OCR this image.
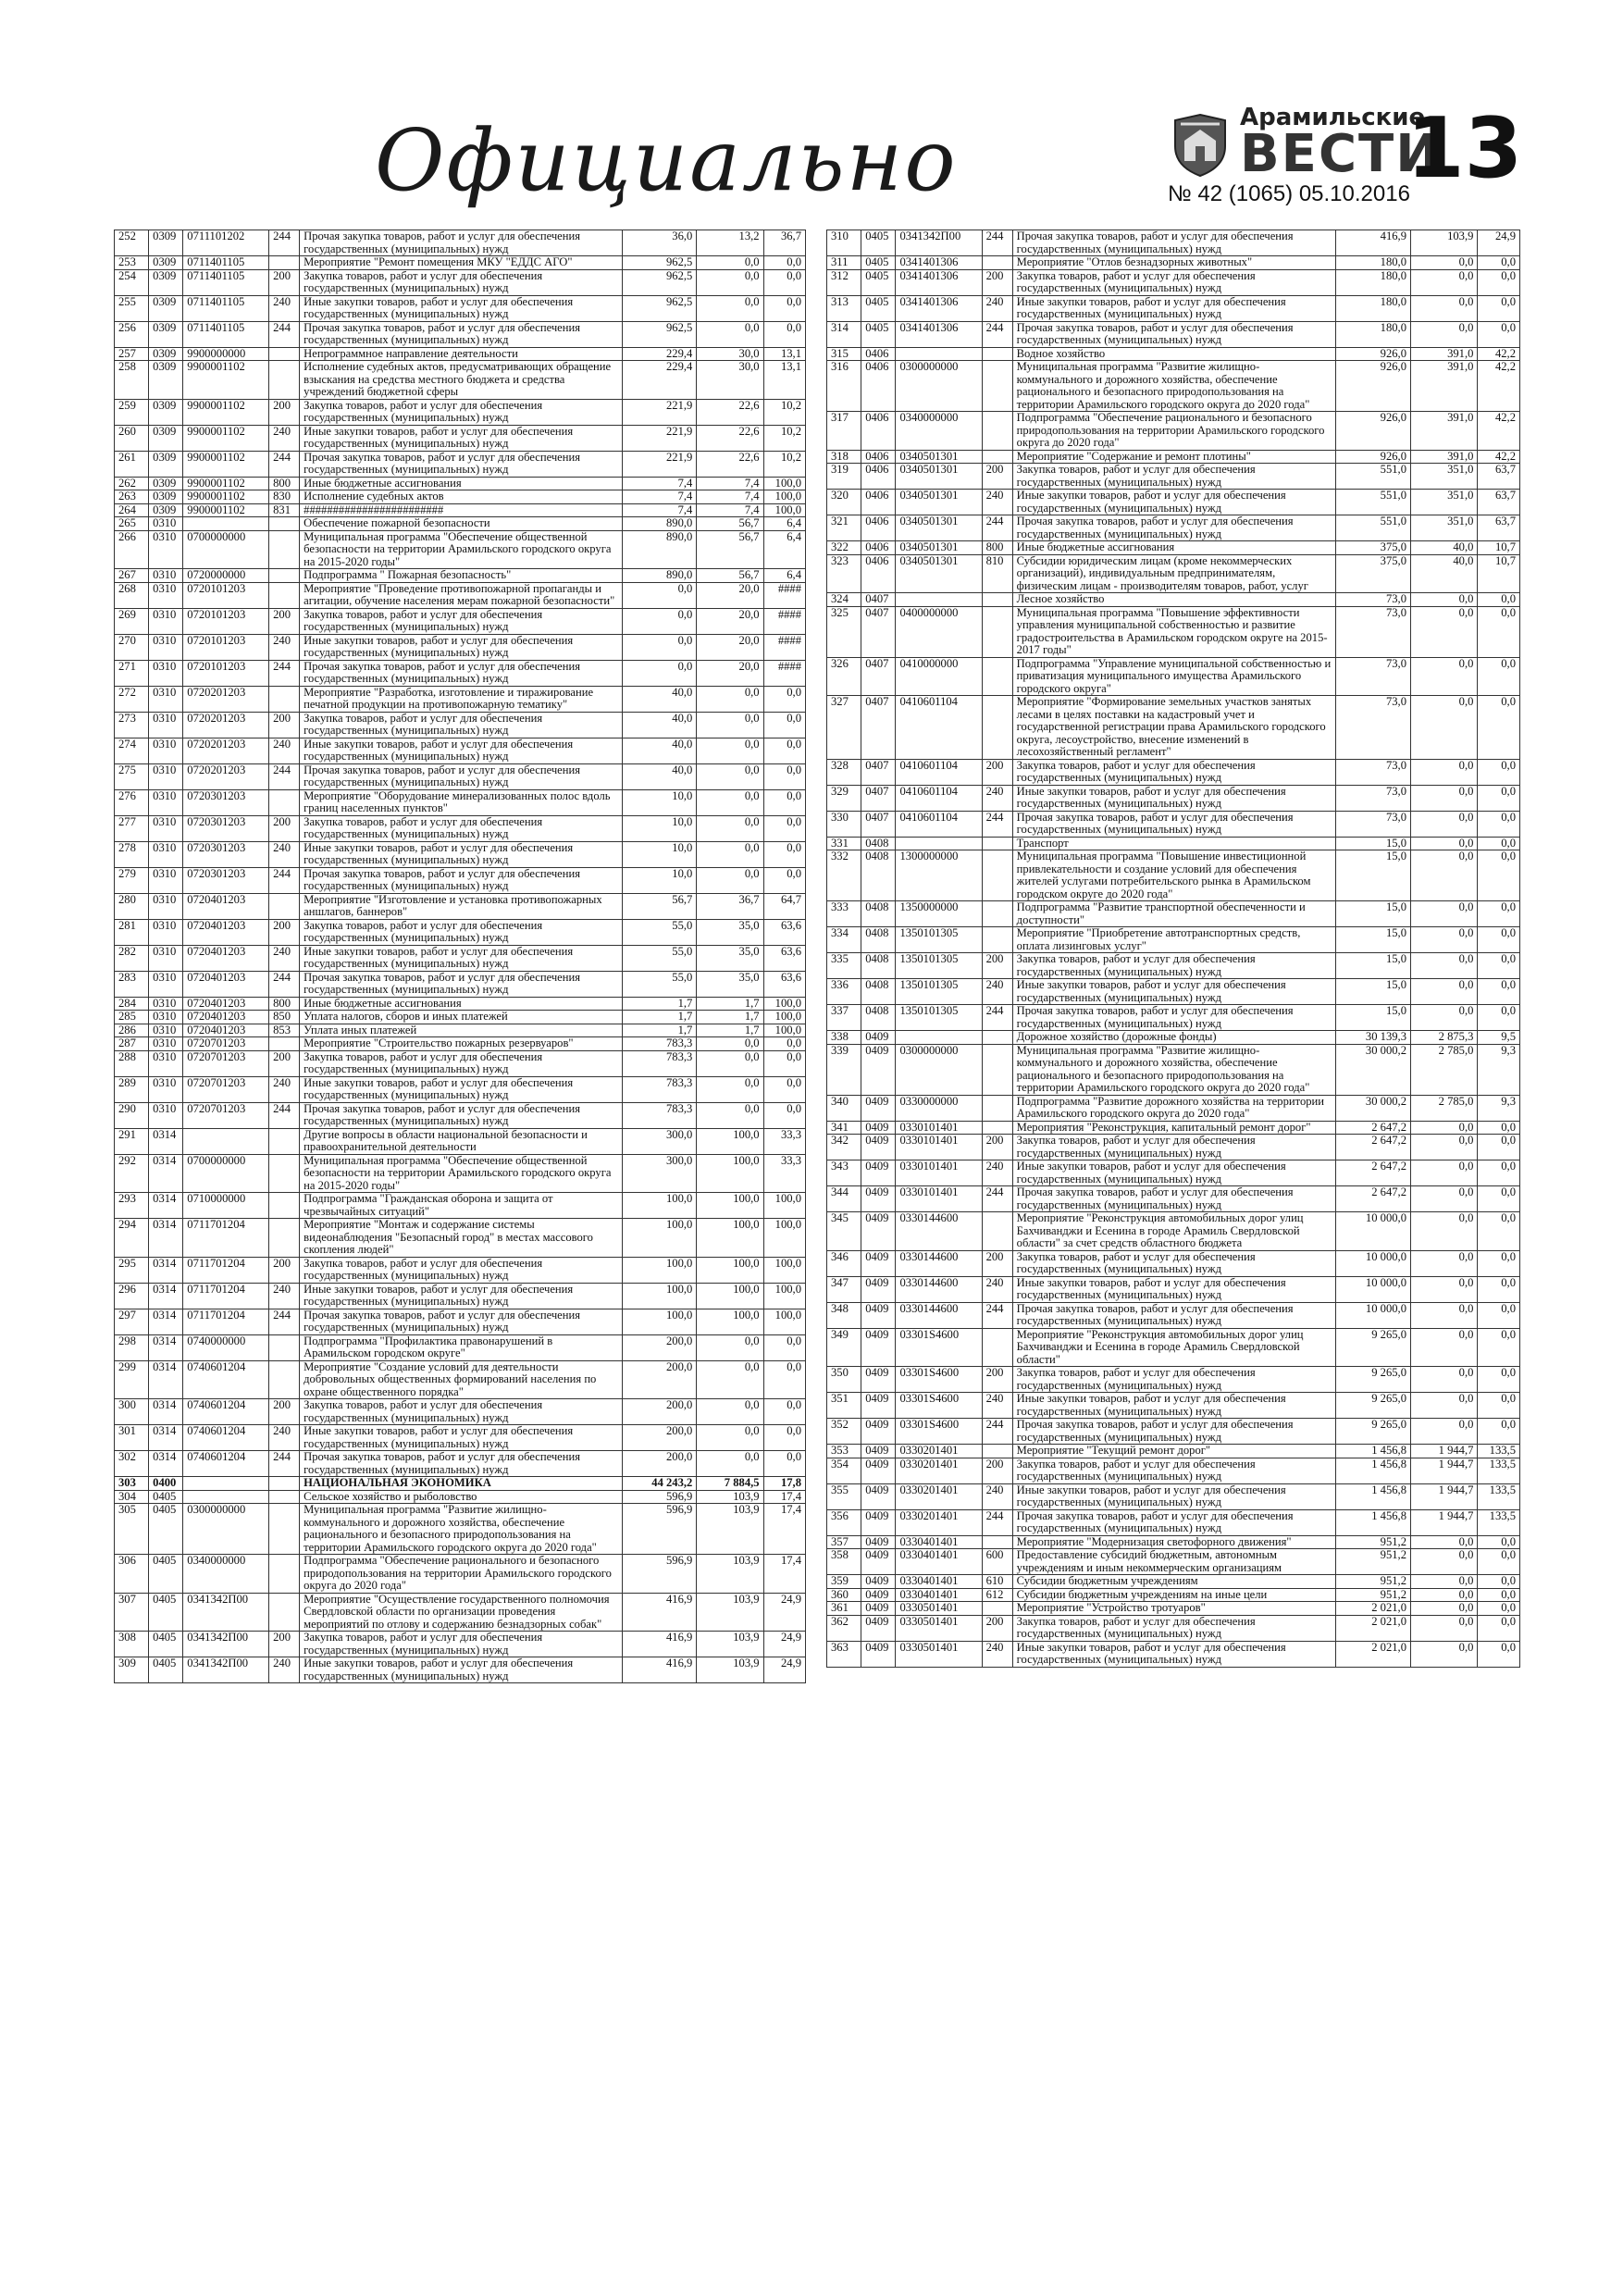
Официально	Арамильские
ВЕСТИ
13
№ 42 (1065) 05.10.2016
252	0309	0711101202	244	Прочая закупка товаров, работ и услуг для обеспечения государственных (муниципальных) нужд	36,0	13,2	36,7
253	0309	0711401105		Мероприятие "Ремонт помещения МКУ "ЕДДС АГО"	962,5	0,0	0,0
254	0309	0711401105	200	Закупка товаров, работ и услуг для обеспечения государственных (муниципальных) нужд	962,5	0,0	0,0
255	0309	0711401105	240	Иные закупки товаров, работ и услуг для обеспечения государственных (муниципальных) нужд	962,5	0,0	0,0
256	0309	0711401105	244	Прочая закупка товаров, работ и услуг для обеспечения государственных (муниципальных) нужд	962,5	0,0	0,0
257	0309	9900000000		Непрограммное направление деятельности	229,4	30,0	13,1
258	0309	9900001102		Исполнение судебных актов, предусматривающих обращение взыскания на средства местного бюджета и средства учреждений бюджетной сферы	229,4	30,0	13,1
259	0309	9900001102	200	Закупка товаров, работ и услуг для обеспечения государственных (муниципальных) нужд	221,9	22,6	10,2
260	0309	9900001102	240	Иные закупки товаров, работ и услуг для обеспечения государственных (муниципальных) нужд	221,9	22,6	10,2
261	0309	9900001102	244	Прочая закупка товаров, работ и услуг для обеспечения государственных (муниципальных) нужд	221,9	22,6	10,2
262	0309	9900001102	800	Иные бюджетные ассигнования	7,4	7,4	100,0
263	0309	9900001102	830	Исполнение судебных актов	7,4	7,4	100,0
264	0309	9900001102	831	########################	7,4	7,4	100,0
265	0310			Обеспечение пожарной безопасности	890,0	56,7	6,4
266	0310	0700000000		Муниципальная программа "Обеспечение общественной безопасности на территории Арамильского городского округа на 2015-2020 годы"	890,0	56,7	6,4
267	0310	0720000000		Подпрограмма " Пожарная безопасность"	890,0	56,7	6,4
268	0310	0720101203		Мероприятие "Проведение противопожарной пропаганды и агитации, обучение населения мерам пожарной безопасности"	0,0	20,0	####
269	0310	0720101203	200	Закупка товаров, работ и услуг для обеспечения государственных (муниципальных) нужд	0,0	20,0	####
270	0310	0720101203	240	Иные закупки товаров, работ и услуг для обеспечения государственных (муниципальных) нужд	0,0	20,0	####
271	0310	0720101203	244	Прочая закупка товаров, работ и услуг для обеспечения государственных (муниципальных) нужд	0,0	20,0	####
272	0310	0720201203		Мероприятие "Разработка, изготовление и тиражирование печатной продукции на противопожарную тематику"	40,0	0,0	0,0
273	0310	0720201203	200	Закупка товаров, работ и услуг для обеспечения государственных (муниципальных) нужд	40,0	0,0	0,0
274	0310	0720201203	240	Иные закупки товаров, работ и услуг для обеспечения государственных (муниципальных) нужд	40,0	0,0	0,0
275	0310	0720201203	244	Прочая закупка товаров, работ и услуг для обеспечения государственных (муниципальных) нужд	40,0	0,0	0,0
276	0310	0720301203		Мероприятие "Оборудование минерализованных полос вдоль границ населенных пунктов"	10,0	0,0	0,0
277	0310	0720301203	200	Закупка товаров, работ и услуг для обеспечения государственных (муниципальных) нужд	10,0	0,0	0,0
278	0310	0720301203	240	Иные закупки товаров, работ и услуг для обеспечения государственных (муниципальных) нужд	10,0	0,0	0,0
279	0310	0720301203	244	Прочая закупка товаров, работ и услуг для обеспечения государственных (муниципальных) нужд	10,0	0,0	0,0
280	0310	0720401203		Мероприятие "Изготовление и установка противопожарных аншлагов, баннеров"	56,7	36,7	64,7
281	0310	0720401203	200	Закупка товаров, работ и услуг для обеспечения государственных (муниципальных) нужд	55,0	35,0	63,6
282	0310	0720401203	240	Иные закупки товаров, работ и услуг для обеспечения государственных (муниципальных) нужд	55,0	35,0	63,6
283	0310	0720401203	244	Прочая закупка товаров, работ и услуг для обеспечения государственных (муниципальных) нужд	55,0	35,0	63,6
284	0310	0720401203	800	Иные бюджетные ассигнования	1,7	1,7	100,0
285	0310	0720401203	850	Уплата налогов, сборов и иных платежей	1,7	1,7	100,0
286	0310	0720401203	853	Уплата иных платежей	1,7	1,7	100,0
287	0310	0720701203		Мероприятие "Строительство пожарных резервуаров"	783,3	0,0	0,0
288	0310	0720701203	200	Закупка товаров, работ и услуг для обеспечения государственных (муниципальных) нужд	783,3	0,0	0,0
289	0310	0720701203	240	Иные закупки товаров, работ и услуг для обеспечения государственных (муниципальных) нужд	783,3	0,0	0,0
290	0310	0720701203	244	Прочая закупка товаров, работ и услуг для обеспечения государственных (муниципальных) нужд	783,3	0,0	0,0
291	0314			Другие вопросы в области национальной безопасности и правоохранительной деятельности	300,0	100,0	33,3
292	0314	0700000000		Муниципальная программа "Обеспечение общественной безопасности на территории Арамильского городского округа на 2015-2020 годы"	300,0	100,0	33,3
293	0314	0710000000		Подпрограмма "Гражданская оборона и защита от чрезвычайных ситуаций"	100,0	100,0	100,0
294	0314	0711701204		Мероприятие "Монтаж и содержание системы видеонаблюдения "Безопасный город" в местах массового скопления людей"	100,0	100,0	100,0
295	0314	0711701204	200	Закупка товаров, работ и услуг для обеспечения государственных (муниципальных) нужд	100,0	100,0	100,0
296	0314	0711701204	240	Иные закупки товаров, работ и услуг для обеспечения государственных (муниципальных) нужд	100,0	100,0	100,0
297	0314	0711701204	244	Прочая закупка товаров, работ и услуг для обеспечения государственных (муниципальных) нужд	100,0	100,0	100,0
298	0314	0740000000		Подпрограмма "Профилактика правонарушений в Арамильском городском округе"	200,0	0,0	0,0
299	0314	0740601204		Мероприятие "Создание условий для деятельности добровольных общественных формирований населения по охране общественного порядка"	200,0	0,0	0,0
300	0314	0740601204	200	Закупка товаров, работ и услуг для обеспечения государственных (муниципальных) нужд	200,0	0,0	0,0
301	0314	0740601204	240	Иные закупки товаров, работ и услуг для обеспечения государственных (муниципальных) нужд	200,0	0,0	0,0
302	0314	0740601204	244	Прочая закупка товаров, работ и услуг для обеспечения государственных (муниципальных) нужд	200,0	0,0	0,0
303	0400			НАЦИОНАЛЬНАЯ ЭКОНОМИКА	44 243,2	7 884,5	17,8
304	0405			Сельское хозяйство и рыболовство	596,9	103,9	17,4
305	0405	0300000000		Муниципальная программа "Развитие жилищно-коммунального и дорожного хозяйства, обеспечение рационального и безопасного природопользования на территории Арамильского городского округа до 2020 года"	596,9	103,9	17,4
306	0405	0340000000		Подпрограмма "Обеспечение рационального и безопасного природопользования на территории Арамильского городского округа до 2020 года"	596,9	103,9	17,4
307	0405	0341342П00		Мероприятие "Осуществление государственного полномочия Свердловской области по организации проведения мероприятий по отлову и содержанию безнадзорных собак"	416,9	103,9	24,9
308	0405	0341342П00	200	Закупка товаров, работ и услуг для обеспечения государственных (муниципальных) нужд	416,9	103,9	24,9
309	0405	0341342П00	240	Иные закупки товаров, работ и услуг для обеспечения государственных (муниципальных) нужд	416,9	103,9	24,9
310	0405	0341342П00	244	Прочая закупка товаров, работ и услуг для обеспечения государственных (муниципальных) нужд	416,9	103,9	24,9
311	0405	0341401306		Мероприятие "Отлов безнадзорных животных"	180,0	0,0	0,0
312	0405	0341401306	200	Закупка товаров, работ и услуг для обеспечения государственных (муниципальных) нужд	180,0	0,0	0,0
313	0405	0341401306	240	Иные закупки товаров, работ и услуг для обеспечения государственных (муниципальных) нужд	180,0	0,0	0,0
314	0405	0341401306	244	Прочая закупка товаров, работ и услуг для обеспечения государственных (муниципальных) нужд	180,0	0,0	0,0
315	0406			Водное хозяйство	926,0	391,0	42,2
316	0406	0300000000		Муниципальная программа "Развитие жилищно-коммунального и дорожного хозяйства, обеспечение рационального и безопасного природопользования на территории Арамильского городского округа до 2020 года"	926,0	391,0	42,2
317	0406	0340000000		Подпрограмма "Обеспечение рационального и безопасного природопользования на территории Арамильского городского округа до 2020 года"	926,0	391,0	42,2
318	0406	0340501301		Мероприятие "Содержание и ремонт плотины"	926,0	391,0	42,2
319	0406	0340501301	200	Закупка товаров, работ и услуг для обеспечения государственных (муниципальных) нужд	551,0	351,0	63,7
320	0406	0340501301	240	Иные закупки товаров, работ и услуг для обеспечения государственных (муниципальных) нужд	551,0	351,0	63,7
321	0406	0340501301	244	Прочая закупка товаров, работ и услуг для обеспечения государственных (муниципальных) нужд	551,0	351,0	63,7
322	0406	0340501301	800	Иные бюджетные ассигнования	375,0	40,0	10,7
323	0406	0340501301	810	Субсидии юридическим лицам (кроме некоммерческих организаций), индивидуальным предпринимателям, физическим лицам - производителям товаров, работ, услуг	375,0	40,0	10,7
324	0407			Лесное хозяйство	73,0	0,0	0,0
325	0407	0400000000		Муниципальная программа "Повышение эффективности управления муниципальной собственностью и развитие градостроительства в Арамильском городском округе на 2015-2017 годы"	73,0	0,0	0,0
326	0407	0410000000		Подпрограмма "Управление муниципальной собственностью и приватизация муниципального имущества Арамильского городского округа"	73,0	0,0	0,0
327	0407	0410601104		Мероприятие "Формирование земельных участков занятых лесами в целях поставки на кадастровый учет и государственной регистрации права Арамильского городского округа, лесоустройство, внесение изменений в лесохозяйственный регламент"	73,0	0,0	0,0
328	0407	0410601104	200	Закупка товаров, работ и услуг для обеспечения государственных (муниципальных) нужд	73,0	0,0	0,0
329	0407	0410601104	240	Иные закупки товаров, работ и услуг для обеспечения государственных (муниципальных) нужд	73,0	0,0	0,0
330	0407	0410601104	244	Прочая закупка товаров, работ и услуг для обеспечения государственных (муниципальных) нужд	73,0	0,0	0,0
331	0408			Транспорт	15,0	0,0	0,0
332	0408	1300000000		Муниципальная программа "Повышение инвестиционной привлекательности и создание условий для обеспечения жителей услугами потребительского рынка в Арамильском городском округе до 2020 года"	15,0	0,0	0,0
333	0408	1350000000		Подпрограмма "Развитие транспортной обеспеченности и доступности"	15,0	0,0	0,0
334	0408	1350101305		Мероприятие "Приобретение автотранспортных средств, оплата лизинговых услуг"	15,0	0,0	0,0
335	0408	1350101305	200	Закупка товаров, работ и услуг для обеспечения государственных (муниципальных) нужд	15,0	0,0	0,0
336	0408	1350101305	240	Иные закупки товаров, работ и услуг для обеспечения государственных (муниципальных) нужд	15,0	0,0	0,0
337	0408	1350101305	244	Прочая закупка товаров, работ и услуг для обеспечения государственных (муниципальных) нужд	15,0	0,0	0,0
338	0409			Дорожное хозяйство (дорожные фонды)	30 139,3	2 875,3	9,5
339	0409	0300000000		Муниципальная программа "Развитие жилищно-коммунального и дорожного хозяйства, обеспечение рационального и безопасного природопользования на территории Арамильского городского округа до 2020 года"	30 000,2	2 785,0	9,3
340	0409	0330000000		Подпрограмма "Развитие дорожного хозяйства на территории Арамильского городского округа до 2020 года"	30 000,2	2 785,0	9,3
341	0409	0330101401		Мероприятия "Реконструкция, капитальный ремонт дорог"	2 647,2	0,0	0,0
342	0409	0330101401	200	Закупка товаров, работ и услуг для обеспечения государственных (муниципальных) нужд	2 647,2	0,0	0,0
343	0409	0330101401	240	Иные закупки товаров, работ и услуг для обеспечения государственных (муниципальных) нужд	2 647,2	0,0	0,0
344	0409	0330101401	244	Прочая закупка товаров, работ и услуг для обеспечения государственных (муниципальных) нужд	2 647,2	0,0	0,0
345	0409	0330144600		Мероприятие "Реконструкция автомобильных дорог улиц Бахчиванджи и Есенина в городе Арамиль Свердловской области" за счет средств областного бюджета	10 000,0	0,0	0,0
346	0409	0330144600	200	Закупка товаров, работ и услуг для обеспечения государственных (муниципальных) нужд	10 000,0	0,0	0,0
347	0409	0330144600	240	Иные закупки товаров, работ и услуг для обеспечения государственных (муниципальных) нужд	10 000,0	0,0	0,0
348	0409	0330144600	244	Прочая закупка товаров, работ и услуг для обеспечения государственных (муниципальных) нужд	10 000,0	0,0	0,0
349	0409	03301S4600		Мероприятие "Реконструкция автомобильных дорог улиц Бахчиванджи и Есенина в городе Арамиль Свердловской области"	9 265,0	0,0	0,0
350	0409	03301S4600	200	Закупка товаров, работ и услуг для обеспечения государственных (муниципальных) нужд	9 265,0	0,0	0,0
351	0409	03301S4600	240	Иные закупки товаров, работ и услуг для обеспечения государственных (муниципальных) нужд	9 265,0	0,0	0,0
352	0409	03301S4600	244	Прочая закупка товаров, работ и услуг для обеспечения государственных (муниципальных) нужд	9 265,0	0,0	0,0
353	0409	0330201401		Мероприятие "Текущий ремонт дорог"	1 456,8	1 944,7	133,5
354	0409	0330201401	200	Закупка товаров, работ и услуг для обеспечения государственных (муниципальных) нужд	1 456,8	1 944,7	133,5
355	0409	0330201401	240	Иные закупки товаров, работ и услуг для обеспечения государственных (муниципальных) нужд	1 456,8	1 944,7	133,5
356	0409	0330201401	244	Прочая закупка товаров, работ и услуг для обеспечения государственных (муниципальных) нужд	1 456,8	1 944,7	133,5
357	0409	0330401401		Мероприятие "Модернизация светофорного движения"	951,2	0,0	0,0
358	0409	0330401401	600	Предоставление субсидий бюджетным, автономным учреждениям и иным некоммерческим организациям	951,2	0,0	0,0
359	0409	0330401401	610	Субсидии бюджетным учреждениям	951,2	0,0	0,0
360	0409	0330401401	612	Субсидии бюджетным учреждениям на иные цели	951,2	0,0	0,0
361	0409	0330501401		Мероприятие "Устройство тротуаров"	2 021,0	0,0	0,0
362	0409	0330501401	200	Закупка товаров, работ и услуг для обеспечения государственных (муниципальных) нужд	2 021,0	0,0	0,0
363	0409	0330501401	240	Иные закупки товаров, работ и услуг для обеспечения государственных (муниципальных) нужд	2 021,0	0,0	0,0
